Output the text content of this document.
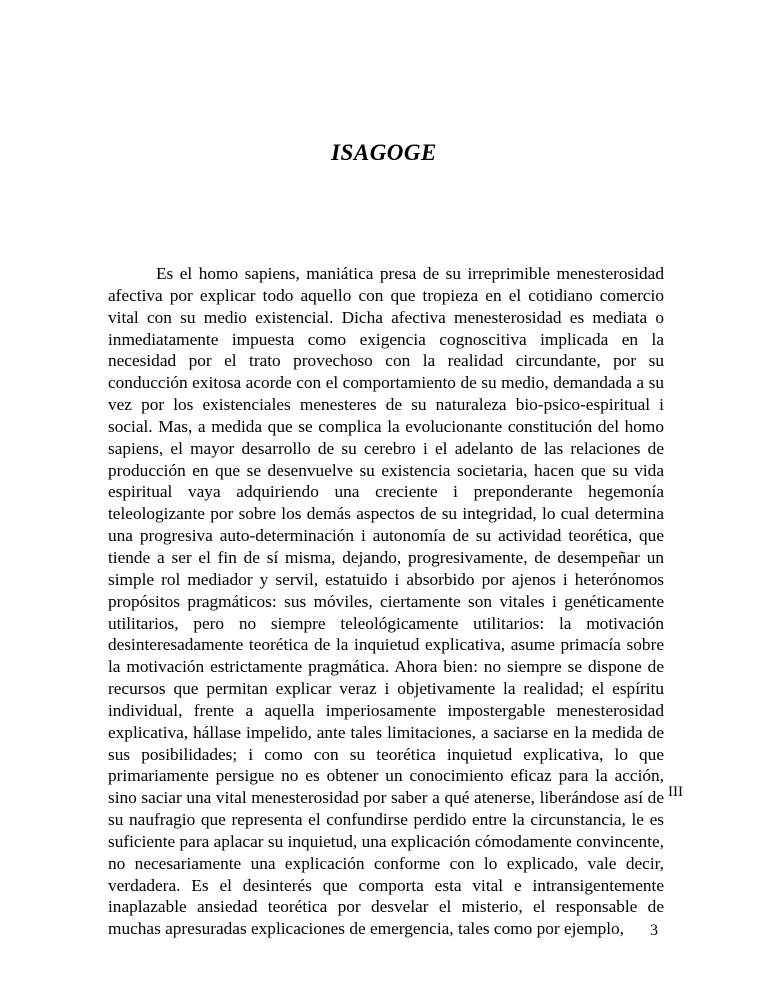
ISAGOGE

Es el homo sapiens, maniática presa de su irreprimible menesterosidad afectiva por explicar todo aquello con que tropieza en el cotidiano comercio vital con su medio existencial. Dicha afectiva menesterosidad es mediata o inmediatamente impuesta como exigencia cognoscitiva implicada en la necesidad por el trato provechoso con la realidad circundante, por su conducción exitosa acorde con el comportamiento de su medio, demandada a su vez por los existenciales menesteres de su naturaleza bio-psico-espiritual i social. Mas, a medida que se complica la evolucionante constitución del homo sapiens, el mayor desarrollo de su cerebro i el adelanto de las relaciones de producción en que se desenvuelve su existencia societaria, hacen que su vida espiritual vaya adquiriendo una creciente i preponderante hegemonía teleologizante por sobre los demás aspectos de su integridad, lo cual determina una progresiva auto-determinación i autonomía de su actividad teorética, que tiende a ser el fin de sí misma, dejando, progresivamente, de desempeñar un simple rol mediador y servil, estatuido i absorbido por ajenos i heterónomos propósitos pragmáticos: sus móviles, ciertamente son vitales i genéticamente utilitarios, pero no siempre teleológicamente utilitarios: la motivación desinteresadamente teorética de la inquietud explicativa, asume primacía sobre la motivación estrictamente pragmática. Ahora bien: no siempre se dispone de recursos que permitan explicar veraz i objetivamente la realidad; el espíritu individual, frente a aquella imperiosamente impostergable menesterosidad explicativa, hállase impelido, ante tales limitaciones, a saciarse en la medida de sus posibilidades; i como con su teorética inquietud explicativa, lo que primariamente persigue no es obtener un conocimiento eficaz para la acción, sino saciar una vital menesterosidad por saber a qué atenerse, liberándose así de su naufragio que representa el confundirse perdido entre la circunstancia, le es suficiente para aplacar su inquietud, una explicación cómodamente convincente, no necesariamente una explicación conforme con lo explicado, vale decir, verdadera. Es el desinterés que comporta esta vital e intransigentemente inaplazable ansiedad teorética por desvelar el misterio, el responsable de muchas apresuradas explicaciones de emergencia, tales como por ejemplo,

III
3
